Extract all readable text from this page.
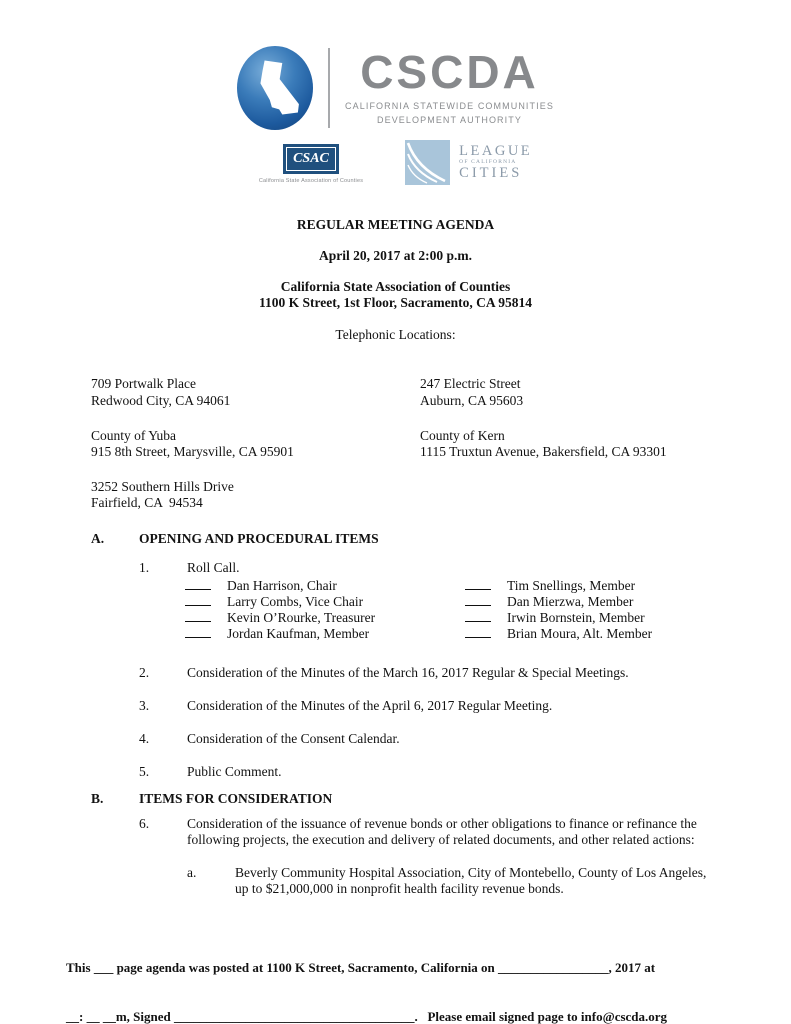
CSCDA
CALIFORNIA STATEWIDE COMMUNITIES
DEVELOPMENT AUTHORITY
CSAC
California State Association of Counties
LEAGUE
OF CALIFORNIA
CITIES
REGULAR MEETING AGENDA
April 20, 2017 at 2:00 p.m.
California State Association of Counties
1100 K Street, 1st Floor, Sacramento, CA 95814
Telephonic Locations:
709 Portwalk Place
Redwood City, CA 94061
247 Electric Street
Auburn, CA 95603
County of Yuba
915 8th Street, Marysville, CA 95901
County of Kern
1115 Truxtun Avenue, Bakersfield, CA 93301
3252 Southern Hills Drive
Fairfield, CA  94534
A.	OPENING AND PROCEDURAL ITEMS
1.	Roll Call.
Dan Harrison, Chair	Tim Snellings, Member
Larry Combs, Vice Chair	Dan Mierzwa, Member
Kevin O’Rourke, Treasurer	Irwin Bornstein, Member
Jordan Kaufman, Member	Brian Moura, Alt. Member
2.	Consideration of the Minutes of the March 16, 2017 Regular & Special Meetings.
3.	Consideration of the Minutes of the April 6, 2017 Regular Meeting.
4.	Consideration of the Consent Calendar.
5.	Public Comment.
B.	ITEMS FOR CONSIDERATION
6.	Consideration of the issuance of revenue bonds or other obligations to finance or refinance the following projects, the execution and delivery of related documents, and other related actions:
a.	Beverly Community Hospital Association, City of Montebello, County of Los Angeles, up to $21,000,000 in nonprofit health facility revenue bonds.

This ___ page agenda was posted at 1100 K Street, Sacramento, California on _________________, 2017 at

__: __ __m, Signed _____________________________________.   Please email signed page to info@cscda.org
